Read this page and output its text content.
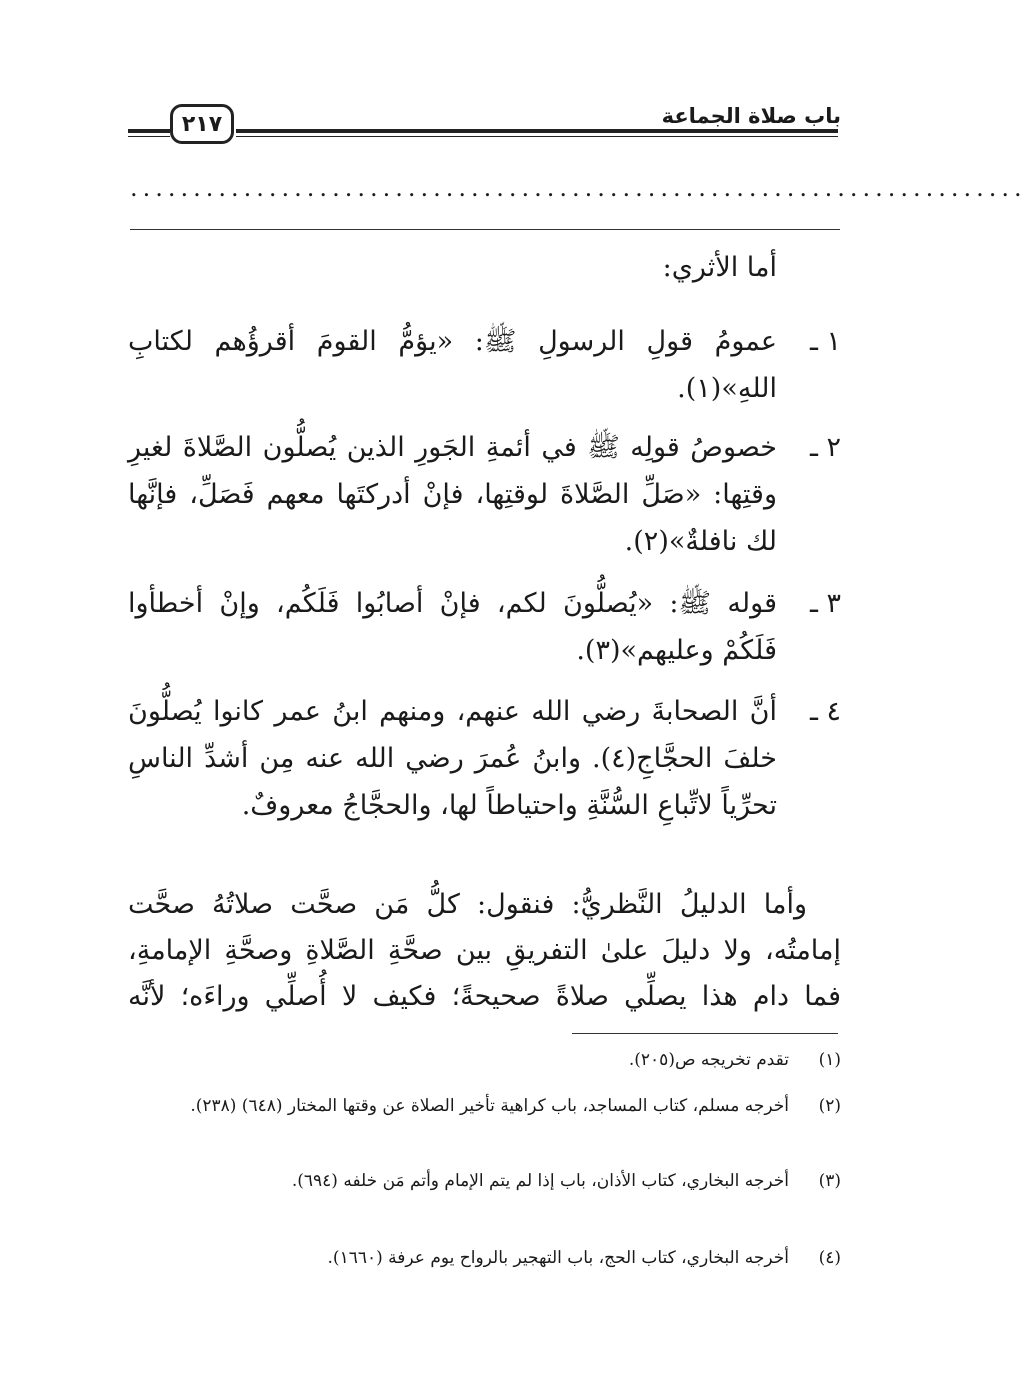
باب صلاة الجماعة
٢١٧
.......................................................................
أما الأثري:
١ ـ
عمومُ قولِ الرسولِ ﷺ: «يؤمُّ القومَ أقرؤُهم لكتابِ اللهِ»(١).
٢ ـ
خصوصُ قولِه ﷺ في أئمةِ الجَورِ الذين يُصلُّون الصَّلاةَ لغيرِ وقتِها: «صَلِّ الصَّلاةَ لوقتِها، فإنْ أدركتَها معهم فَصَلِّ، فإنَّها لك نافلةٌ»(٢).
٣ ـ
قوله ﷺ: «يُصلُّونَ لكم، فإنْ أصابُوا فَلَكُم، وإنْ أخطأوا فَلَكُمْ وعليهم»(٣).
٤ ـ
أنَّ الصحابةَ رضي الله عنهم، ومنهم ابنُ عمر كانوا يُصلُّونَ خلفَ الحجَّاجِ(٤). وابنُ عُمرَ رضي الله عنه مِن أشدِّ الناسِ تحرِّياً لاتِّباعِ السُّنَّةِ واحتياطاً لها، والحجَّاجُ معروفٌ.
وأما الدليلُ النَّظريُّ: فنقول: كلُّ مَن صحَّت صلاتُهُ صحَّت إمامتُه، ولا دليلَ علىٰ التفريقِ بين صحَّةِ الصَّلاةِ وصحَّةِ الإمامةِ، فما دام هذا يصلِّي صلاةً صحيحةً؛ فكيف لا أُصلِّي وراءَه؛ لأنَّه
(١)
تقدم تخريجه ص(٢٠٥).
(٢)
أخرجه مسلم، كتاب المساجد، باب كراهية تأخير الصلاة عن وقتها المختار (٦٤٨) (٢٣٨).
(٣)
أخرجه البخاري، كتاب الأذان، باب إذا لم يتم الإمام وأتم مَن خلفه (٦٩٤).
(٤)
أخرجه البخاري، كتاب الحج، باب التهجير بالرواح يوم عرفة (١٦٦٠).
